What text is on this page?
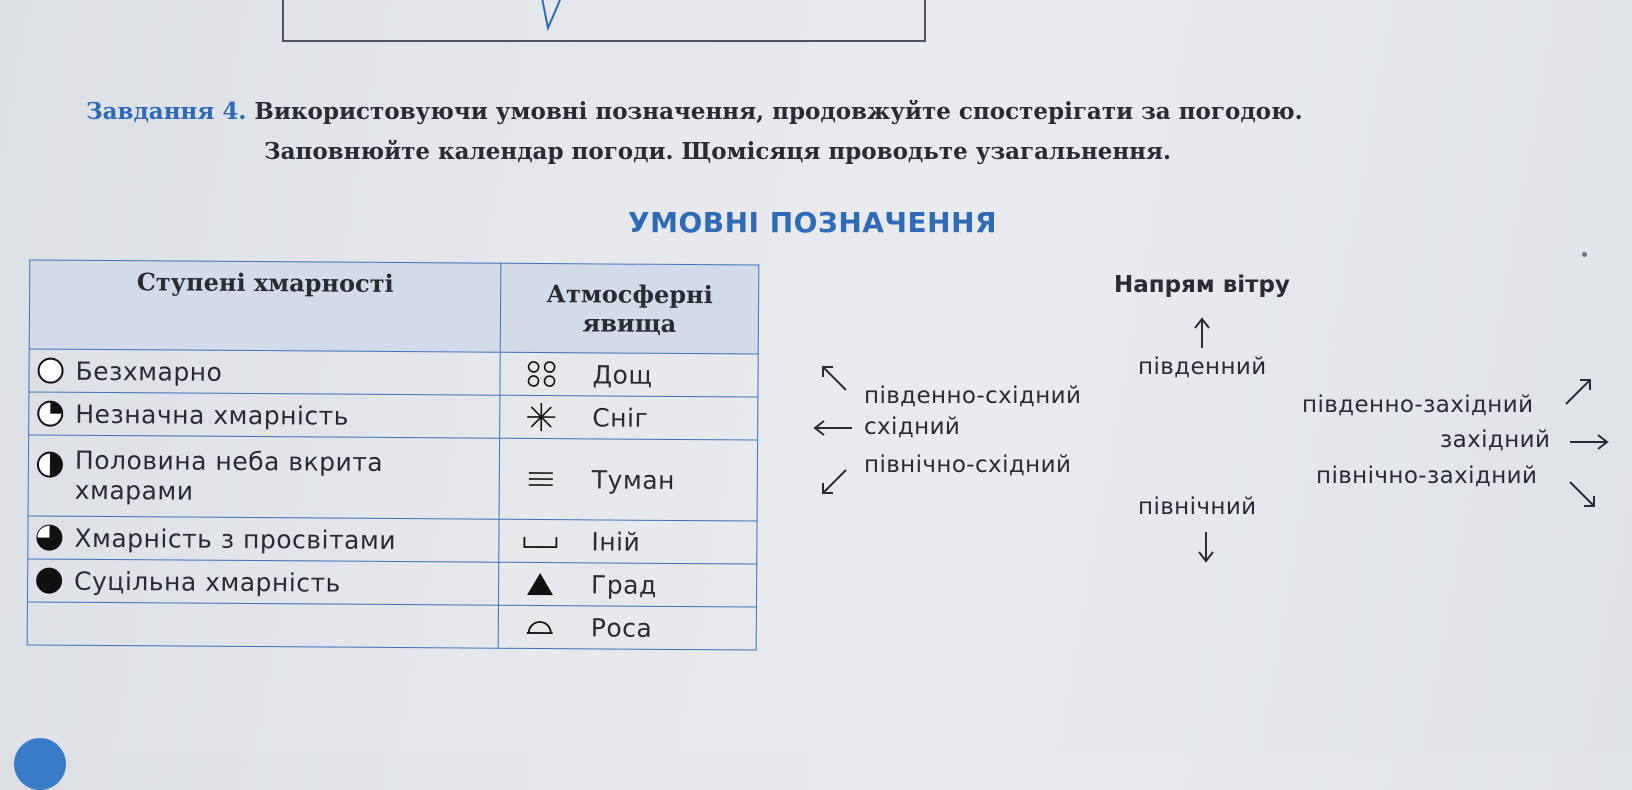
Завдання 4. Використовуючи умовні позначення, продовжуйте спостерігати за погодою.
Заповнюйте календар погоди. Щомісяця проводьте узагальнення.
УМОВНІ ПОЗНАЧЕННЯ
Ступені хмарності	Атмосферні
явища

Безхмарно	Дощ

Незначна хмарність	Сніг

Половина неба вкрита хмарами	Туман

Хмарність з просвітами	Іній

Суцільна хмарність	Град

	Роса
Напрям вітру
південний
північний
південно-східний
східний
північно-східний
південно-західний
західний
північно-західний
